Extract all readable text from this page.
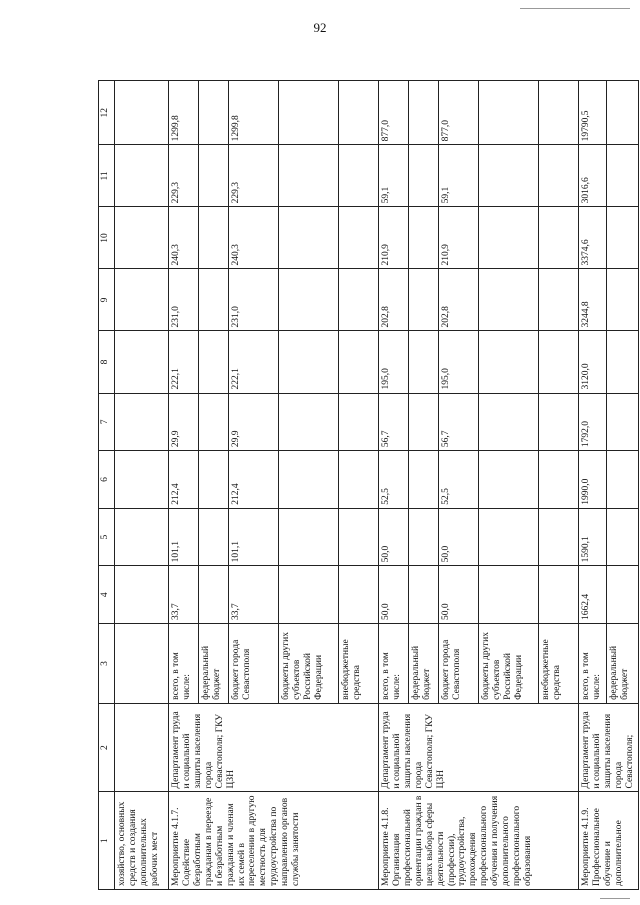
92
1	2	3	4	5	6	7	8	9	10	11	12
хозяйство, основных средств и создания дополнительных рабочих мест											
Мероприятие 4.1.7. Содействие безработным гражданам в переезде и безработным гражданам и членам их семей в переселении в другую местность для трудоустройства по направлению органов службы занятости	Департамент труда и социальной защиты населения города Севастополя; ГКУ ЦЗН	всего, в том числе:	33,7	101,1	212,4	29,9	222,1	231,0	240,3	229,3	1299,8
		федеральный бюджет									
		бюджет города Севастополя	33,7	101,1	212,4	29,9	222,1	231,0	240,3	229,3	1299,8
		бюджеты других субъектов Российской Федерации									
		внебюджетные средства									
Мероприятие 4.1.8. Организация профессиональной ориентации граждан в целях выбора сферы деятельности (профессии), трудоустройства, прохождения профессионального обучения и получения дополнительного профессионального образования	Департамент труда и социальной защиты населения города Севастополя; ГКУ ЦЗН	всего, в том числе:	50,0	50,0	52,5	56,7	195,0	202,8	210,9	59,1	877,0
		федеральный бюджет									
		бюджет города Севастополя	50,0	50,0	52,5	56,7	195,0	202,8	210,9	59,1	877,0
		бюджеты других субъектов Российской Федерации									
		внебюджетные средства									
Мероприятие 4.1.9. Профессиональное обучение и дополнительное	Департамент труда и социальной защиты населения города Севастополя;	всего, в том числе:	1662,4	1590,1	1990,0	1792,0	3120,0	3244,8	3374,6	3016,6	19790,5
		федеральный бюджет									
